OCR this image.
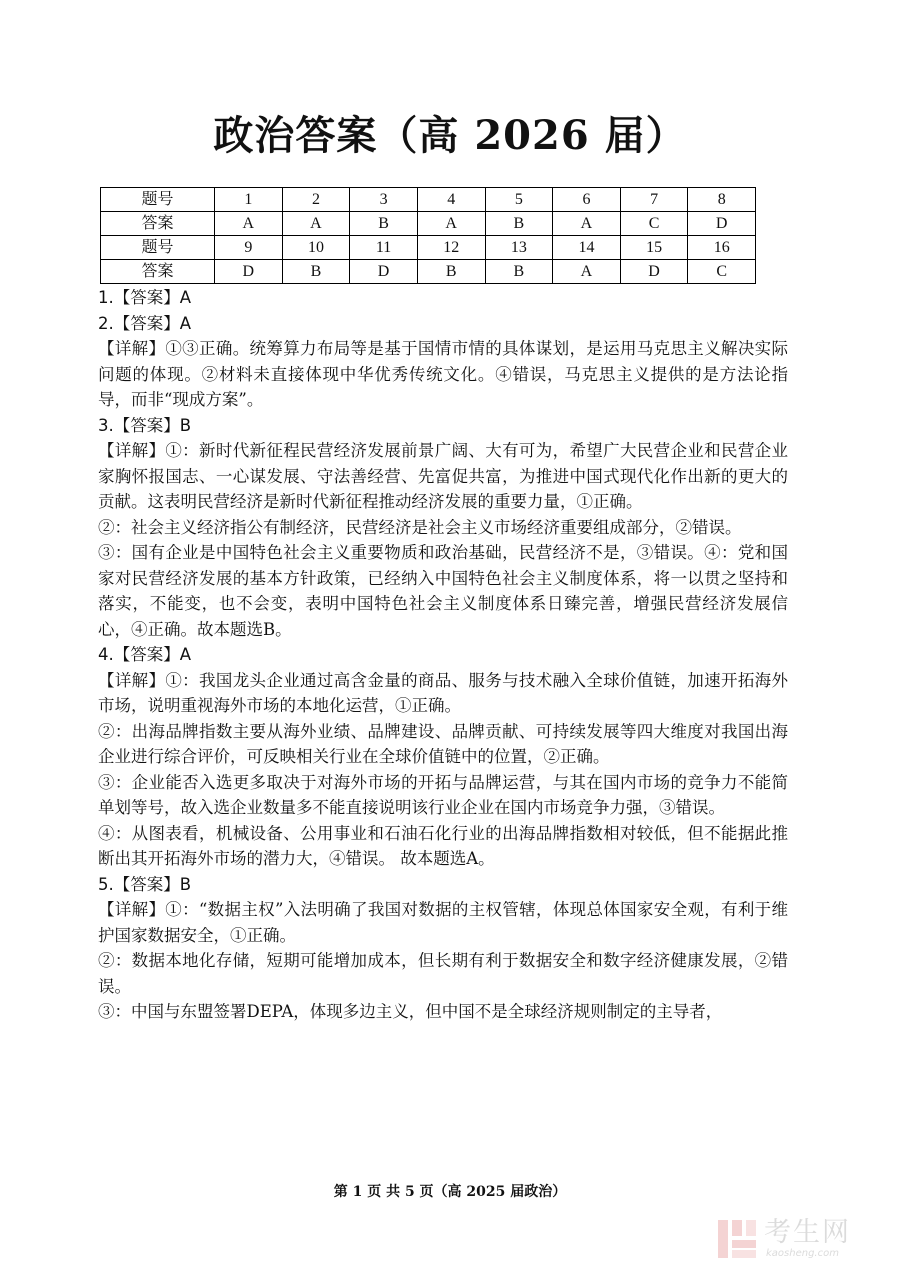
政治答案（高 2026 届）
题号	1	2	3	4	5	6	7	8
答案	A	A	B	A	B	A	C	D
题号	9	10	11	12	13	14	15	16
答案	D	B	D	B	B	A	D	C

1.【答案】A

2.【答案】A

【详解】①③正确。统筹算力布局等是基于国情市情的具体谋划，是运用马克思主义解决实际问题的体现。②材料未直接体现中华优秀传统文化。④错误，马克思主义提供的是方法论指导，而非“现成方案”。

3.【答案】B

【详解】①：新时代新征程民营经济发展前景广阔、大有可为，希望广大民营企业和民营企业家胸怀报国志、一心谋发展、守法善经营、先富促共富，为推进中国式现代化作出新的更大的贡献。这表明民营经济是新时代新征程推动经济发展的重要力量，①正确。

②：社会主义经济指公有制经济，民营经济是社会主义市场经济重要组成部分，②错误。

③：国有企业是中国特色社会主义重要物质和政治基础，民营经济不是，③错误。④：党和国家对民营经济发展的基本方针政策，已经纳入中国特色社会主义制度体系，将一以贯之坚持和落实，不能变，也不会变，表明中国特色社会主义制度体系日臻完善，增强民营经济发展信心，④正确。故本题选B。

4.【答案】A

【详解】①：我国龙头企业通过高含金量的商品、服务与技术融入全球价值链，加速开拓海外市场，说明重视海外市场的本地化运营，①正确。

②：出海品牌指数主要从海外业绩、品牌建设、品牌贡献、可持续发展等四大维度对我国出海企业进行综合评价，可反映相关行业在全球价值链中的位置，②正确。

③：企业能否入选更多取决于对海外市场的开拓与品牌运营，与其在国内市场的竞争力不能简单划等号，故入选企业数量多不能直接说明该行业企业在国内市场竞争力强，③错误。

④：从图表看，机械设备、公用事业和石油石化行业的出海品牌指数相对较低，但不能据此推断出其开拓海外市场的潜力大，④错误。 故本题选A。

5.【答案】B

【详解】①：“数据主权”入法明确了我国对数据的主权管辖，体现总体国家安全观，有利于维护国家数据安全，①正确。

②：数据本地化存储，短期可能增加成本，但长期有利于数据安全和数字经济健康发展，②错误。

③：中国与东盟签署DEPA，体现多边主义，但中国不是全球经济规则制定的主导者，

第 1 页 共 5 页（高 2025 届政治）
考生网
kaosheng.com
